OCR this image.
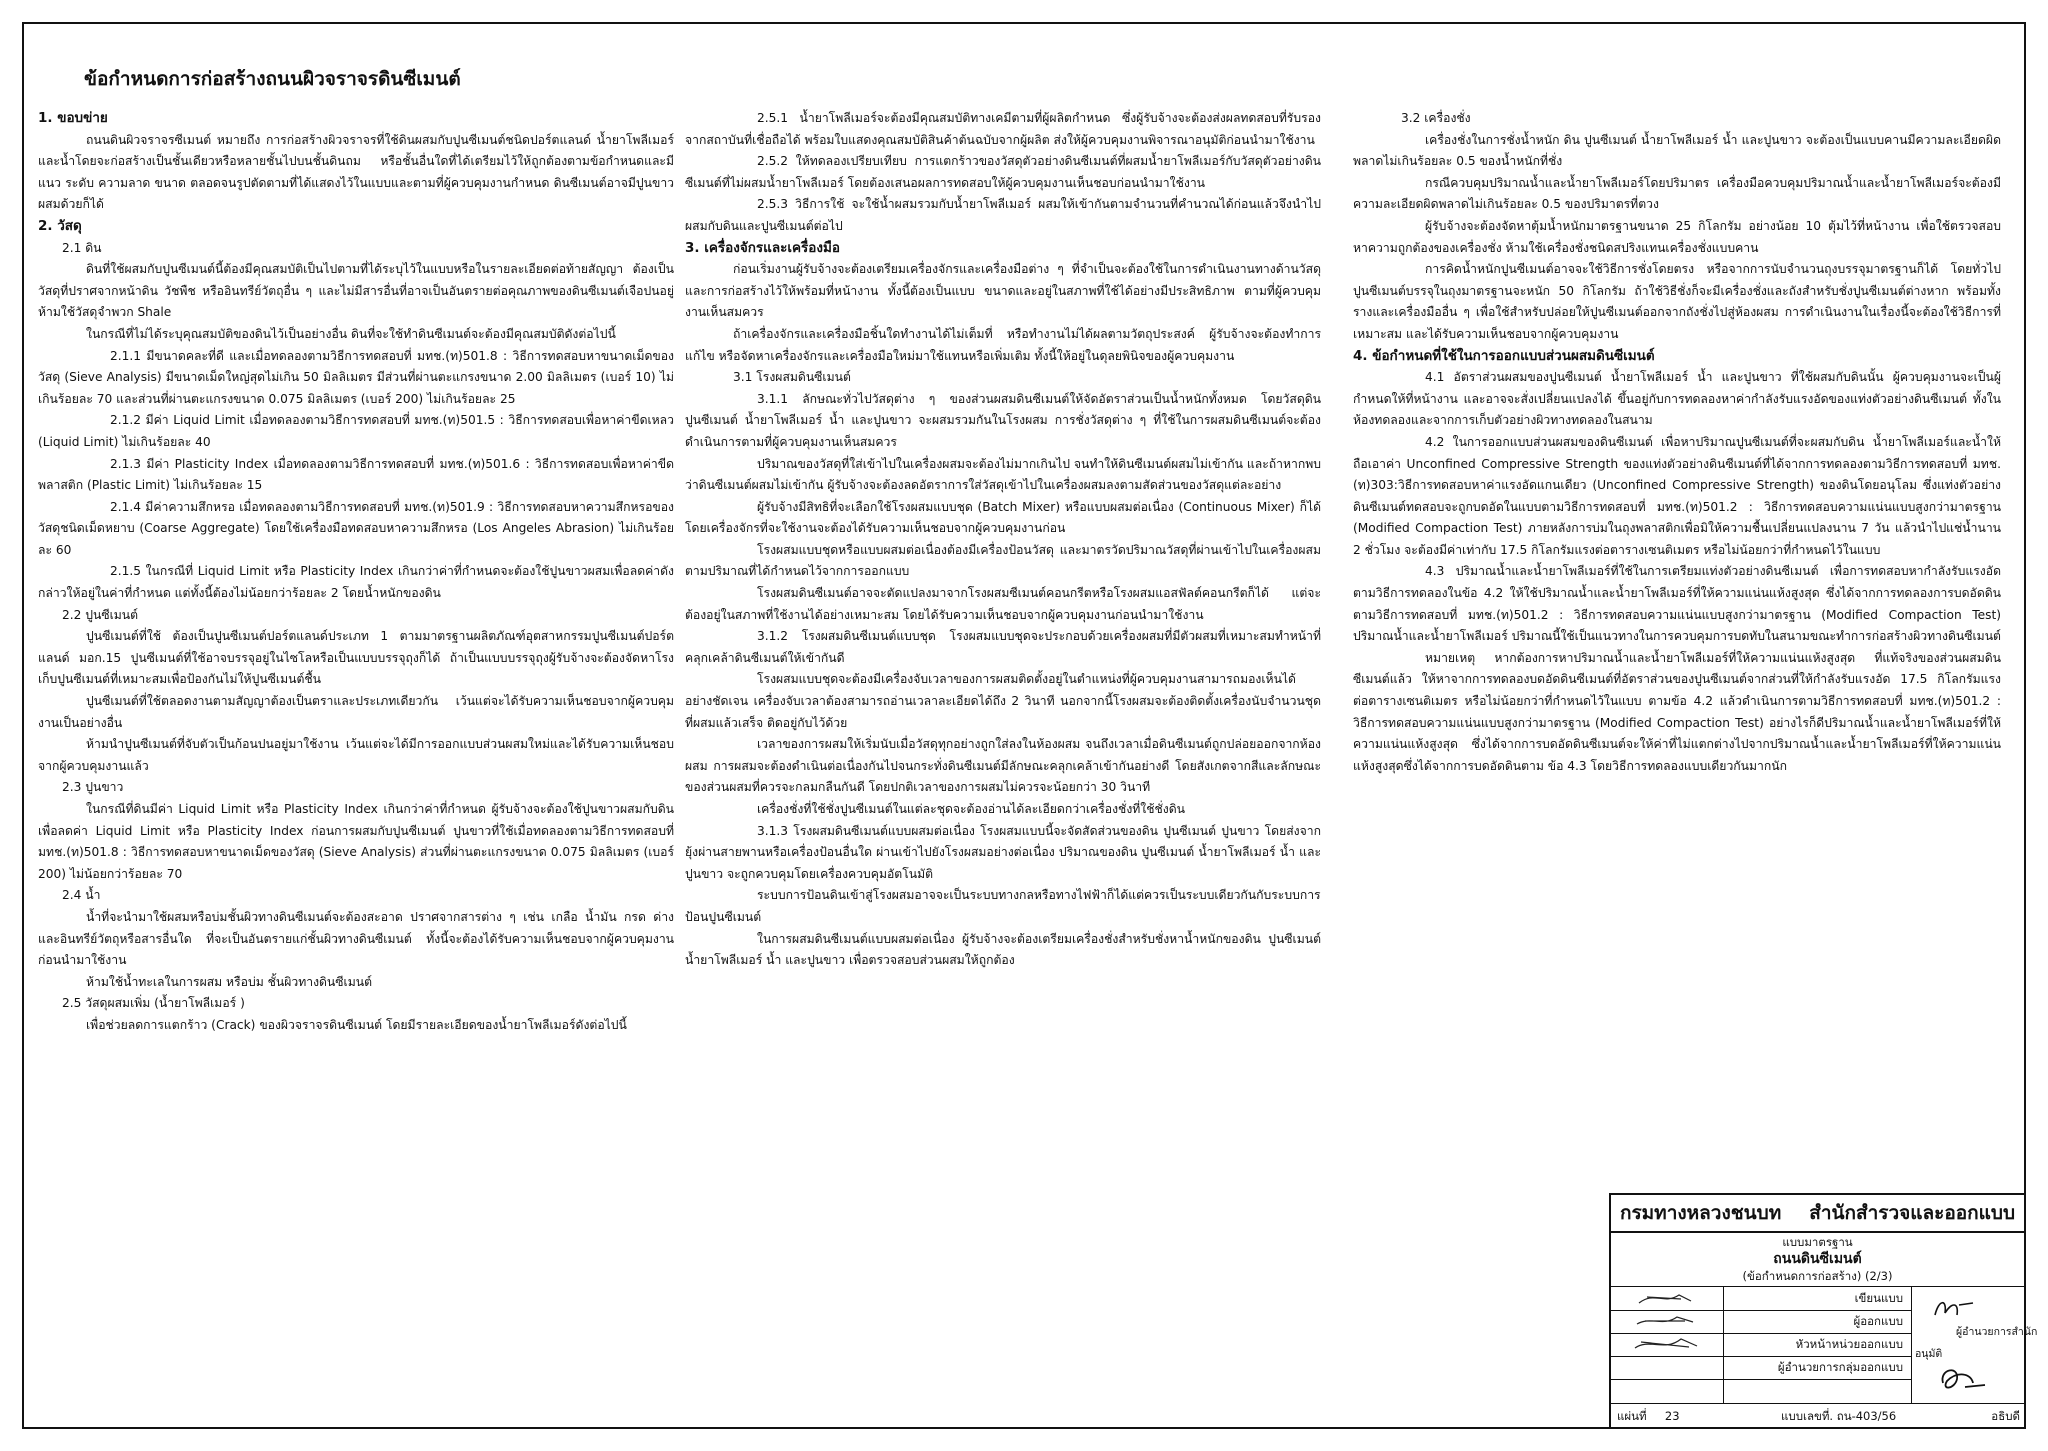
ข้อกำหนดการก่อสร้างถนนผิวจราจรดินซีเมนต์

1. ขอบข่าย

ถนนดินผิวจราจรซีเมนต์ หมายถึง การก่อสร้างผิวจราจรที่ใช้ดินผสมกับปูนซีเมนต์ชนิดปอร์ตแลนด์ น้ำยาโพลีเมอร์และน้ำโดยจะก่อสร้างเป็นชั้นเดียวหรือหลายชั้นไปบนชั้นดินถม หรือชั้นอื่นใดที่ได้เตรียมไว้ให้ถูกต้องตามข้อกำหนดและมีแนว ระดับ ความลาด ขนาด ตลอดจนรูปตัดตามที่ได้แสดงไว้ในแบบและตามที่ผู้ควบคุมงานกำหนด ดินซีเมนต์อาจมีปูนขาวผสมด้วยก็ได้

2. วัสดุ

2.1 ดิน

ดินที่ใช้ผสมกับปูนซีเมนต์นี้ต้องมีคุณสมบัติเป็นไปตามที่ได้ระบุไว้ในแบบหรือในรายละเอียดต่อท้ายสัญญา ต้องเป็นวัสดุที่ปราศจากหน้าดิน วัชพืช หรืออินทรีย์วัตถุอื่น ๆ และไม่มีสารอื่นที่อาจเป็นอันตรายต่อคุณภาพของดินซีเมนต์เจือปนอยู่ ห้ามใช้วัสดุจำพวก Shale

ในกรณีที่ไม่ได้ระบุคุณสมบัติของดินไว้เป็นอย่างอื่น ดินที่จะใช้ทำดินซีเมนต์จะต้องมีคุณสมบัติดังต่อไปนี้

2.1.1 มีขนาดคละที่ดี และเมื่อทดลองตามวิธีการทดสอบที่ มทช.(ท)501.8 : วิธีการทดสอบหาขนาดเม็ดของวัสดุ (Sieve Analysis) มีขนาดเม็ดใหญ่สุดไม่เกิน 50 มิลลิเมตร มีส่วนที่ผ่านตะแกรงขนาด 2.00 มิลลิเมตร (เบอร์ 10) ไม่เกินร้อยละ 70 และส่วนที่ผ่านตะแกรงขนาด 0.075 มิลลิเมตร (เบอร์ 200) ไม่เกินร้อยละ 25

2.1.2 มีค่า Liquid Limit เมื่อทดลองตามวิธีการทดสอบที่ มทช.(ท)501.5 : วิธีการทดสอบเพื่อหาค่าขีดเหลว (Liquid Limit) ไม่เกินร้อยละ 40

2.1.3 มีค่า Plasticity Index เมื่อทดลองตามวิธีการทดสอบที่ มทช.(ท)501.6 : วิธีการทดสอบเพื่อหาค่าขีดพลาสติก (Plastic Limit) ไม่เกินร้อยละ 15

2.1.4 มีค่าความสึกหรอ เมื่อทดลองตามวิธีการทดสอบที่ มทช.(ท)501.9 : วิธีการทดสอบหาความสึกหรอของวัสดุชนิดเม็ดหยาบ (Coarse Aggregate) โดยใช้เครื่องมือทดสอบหาความสึกหรอ (Los Angeles Abrasion) ไม่เกินร้อยละ 60

2.1.5 ในกรณีที่ Liquid Limit หรือ Plasticity Index เกินกว่าค่าที่กำหนดจะต้องใช้ปูนขาวผสมเพื่อลดค่าดังกล่าวให้อยู่ในค่าที่กำหนด แต่ทั้งนี้ต้องไม่น้อยกว่าร้อยละ 2 โดยน้ำหนักของดิน

2.2 ปูนซีเมนต์

ปูนซีเมนต์ที่ใช้ ต้องเป็นปูนซีเมนต์ปอร์ตแลนด์ประเภท 1 ตามมาตรฐานผลิตภัณฑ์อุตสาหกรรมปูนซีเมนต์ปอร์ตแลนด์ มอก.15 ปูนซีเมนต์ที่ใช้อาจบรรจุอยู่ในไซโลหรือเป็นแบบบรรจุถุงก็ได้ ถ้าเป็นแบบบรรจุถุงผู้รับจ้างจะต้องจัดหาโรงเก็บปูนซีเมนต์ที่เหมาะสมเพื่อป้องกันไม่ให้ปูนซีเมนต์ชื้น

ปูนซีเมนต์ที่ใช้ตลอดงานตามสัญญาต้องเป็นตราและประเภทเดียวกัน เว้นแต่จะได้รับความเห็นชอบจากผู้ควบคุมงานเป็นอย่างอื่น

ห้ามนำปูนซีเมนต์ที่จับตัวเป็นก้อนปนอยู่มาใช้งาน เว้นแต่จะได้มีการออกแบบส่วนผสมใหม่และได้รับความเห็นชอบจากผู้ควบคุมงานแล้ว

2.3 ปูนขาว

ในกรณีที่ดินมีค่า Liquid Limit หรือ Plasticity Index เกินกว่าค่าที่กำหนด ผู้รับจ้างจะต้องใช้ปูนขาวผสมกับดิน เพื่อลดค่า Liquid Limit หรือ Plasticity Index ก่อนการผสมกับปูนซีเมนต์ ปูนขาวที่ใช้เมื่อทดลองตามวิธีการทดสอบที่ มทช.(ท)501.8 : วิธีการทดสอบหาขนาดเม็ดของวัสดุ (Sieve Analysis) ส่วนที่ผ่านตะแกรงขนาด 0.075 มิลลิเมตร (เบอร์ 200) ไม่น้อยกว่าร้อยละ 70

2.4 น้ำ

น้ำที่จะนำมาใช้ผสมหรือบ่มชั้นผิวทางดินซีเมนต์จะต้องสะอาด ปราศจากสารต่าง ๆ เช่น เกลือ น้ำมัน กรด ด่าง และอินทรีย์วัตถุหรือสารอื่นใด ที่จะเป็นอันตรายแก่ชั้นผิวทางดินซีเมนต์ ทั้งนี้จะต้องได้รับความเห็นชอบจากผู้ควบคุมงานก่อนนำมาใช้งาน

ห้ามใช้น้ำทะเลในการผสม หรือบ่ม ชั้นผิวทางดินซีเมนต์

2.5 วัสดุผสมเพิ่ม (น้ำยาโพลีเมอร์ )

เพื่อช่วยลดการแตกร้าว (Crack) ของผิวจราจรดินซีเมนต์ โดยมีรายละเอียดของน้ำยาโพลีเมอร์ดังต่อไปนี้

2.5.1 น้ำยาโพลีเมอร์จะต้องมีคุณสมบัติทางเคมีตามที่ผู้ผลิตกำหนด ซึ่งผู้รับจ้างจะต้องส่งผลทดสอบที่รับรองจากสถาบันที่เชื่อถือได้ พร้อมใบแสดงคุณสมบัติสินค้าต้นฉบับจากผู้ผลิต ส่งให้ผู้ควบคุมงานพิจารณาอนุมัติก่อนนำมาใช้งาน

2.5.2 ให้ทดลองเปรียบเทียบ การแตกร้าวของวัสดุตัวอย่างดินซีเมนต์ที่ผสมน้ำยาโพลีเมอร์กับวัสดุตัวอย่างดินซีเมนต์ที่ไม่ผสมน้ำยาโพลีเมอร์ โดยต้องเสนอผลการทดสอบให้ผู้ควบคุมงานเห็นชอบก่อนนำมาใช้งาน

2.5.3 วิธีการใช้ จะใช้น้ำผสมรวมกับน้ำยาโพลีเมอร์ ผสมให้เข้ากันตามจำนวนที่คำนวณได้ก่อนแล้วจึงนำไปผสมกับดินและปูนซีเมนต์ต่อไป

3. เครื่องจักรและเครื่องมือ

ก่อนเริ่มงานผู้รับจ้างจะต้องเตรียมเครื่องจักรและเครื่องมือต่าง ๆ ที่จำเป็นจะต้องใช้ในการดำเนินงานทางด้านวัสดุ และการก่อสร้างไว้ให้พร้อมที่หน้างาน ทั้งนี้ต้องเป็นแบบ ขนาดและอยู่ในสภาพที่ใช้ได้อย่างมีประสิทธิภาพ ตามที่ผู้ควบคุมงานเห็นสมควร

ถ้าเครื่องจักรและเครื่องมือชิ้นใดทำงานได้ไม่เต็มที่ หรือทำงานไม่ได้ผลตามวัตถุประสงค์ ผู้รับจ้างจะต้องทำการแก้ไข หรือจัดหาเครื่องจักรและเครื่องมือใหม่มาใช้แทนหรือเพิ่มเติม ทั้งนี้ให้อยู่ในดุลยพินิจของผู้ควบคุมงาน

3.1 โรงผสมดินซีเมนต์

3.1.1 ลักษณะทั่วไปวัสดุต่าง ๆ ของส่วนผสมดินซีเมนต์ให้จัดอัตราส่วนเป็นน้ำหนักทั้งหมด โดยวัสดุดิน ปูนซีเมนต์ น้ำยาโพลีเมอร์ น้ำ และปูนขาว จะผสมรวมกันในโรงผสม การชั่งวัสดุต่าง ๆ ที่ใช้ในการผสมดินซีเมนต์จะต้องดำเนินการตามที่ผู้ควบคุมงานเห็นสมควร

ปริมาณของวัสดุที่ใส่เข้าไปในเครื่องผสมจะต้องไม่มากเกินไป จนทำให้ดินซีเมนต์ผสมไม่เข้ากัน และถ้าหากพบว่าดินซีเมนต์ผสมไม่เข้ากัน ผู้รับจ้างจะต้องลดอัตราการใส่วัสดุเข้าไปในเครื่องผสมลงตามสัดส่วนของวัสดุแต่ละอย่าง

ผู้รับจ้างมีสิทธิที่จะเลือกใช้โรงผสมแบบชุด (Batch Mixer) หรือแบบผสมต่อเนื่อง (Continuous Mixer) ก็ได้โดยเครื่องจักรที่จะใช้งานจะต้องได้รับความเห็นชอบจากผู้ควบคุมงานก่อน

โรงผสมแบบชุดหรือแบบผสมต่อเนื่องต้องมีเครื่องป้อนวัสดุ และมาตรวัดปริมาณวัสดุที่ผ่านเข้าไปในเครื่องผสมตามปริมาณที่ได้กำหนดไว้จากการออกแบบ

โรงผสมดินซีเมนต์อาจจะตัดแปลงมาจากโรงผสมซีเมนต์คอนกรีตหรือโรงผสมแอสฟัลต์คอนกรีตก็ได้ แต่จะต้องอยู่ในสภาพที่ใช้งานได้อย่างเหมาะสม โดยได้รับความเห็นชอบจากผู้ควบคุมงานก่อนนำมาใช้งาน

3.1.2 โรงผสมดินซีเมนต์แบบชุด โรงผสมแบบชุดจะประกอบด้วยเครื่องผสมที่มีตัวผสมที่เหมาะสมทำหน้าที่คลุกเคล้าดินซีเมนต์ให้เข้ากันดี

โรงผสมแบบชุดจะต้องมีเครื่องจับเวลาของการผสมติดตั้งอยู่ในตำแหน่งที่ผู้ควบคุมงานสามารถมองเห็นได้อย่างชัดเจน เครื่องจับเวลาต้องสามารถอ่านเวลาละเอียดได้ถึง 2 วินาที นอกจากนี้โรงผสมจะต้องติดตั้งเครื่องนับจำนวนชุดที่ผสมแล้วเสร็จ ติดอยู่กับไว้ด้วย

เวลาของการผสมให้เริ่มนับเมื่อวัสดุทุกอย่างถูกใส่ลงในห้องผสม จนถึงเวลาเมื่อดินซีเมนต์ถูกปล่อยออกจากห้องผสม การผสมจะต้องดำเนินต่อเนื่องกันไปจนกระทั่งดินซีเมนต์มีลักษณะคลุกเคล้าเข้ากันอย่างดี โดยสังเกตจากสีและลักษณะของส่วนผสมที่ควรจะกลมกลืนกันดี โดยปกติเวลาของการผสมไม่ควรจะน้อยกว่า 30 วินาที

เครื่องชั่งที่ใช้ชั่งปูนซีเมนต์ในแต่ละชุดจะต้องอ่านได้ละเอียดกว่าเครื่องชั่งที่ใช้ชั่งดิน

3.1.3 โรงผสมดินซีเมนต์แบบผสมต่อเนื่อง โรงผสมแบบนี้จะจัดสัดส่วนของดิน ปูนซีเมนต์ ปูนขาว โดยส่งจากยุ้งผ่านสายพานหรือเครื่องป้อนอื่นใด ผ่านเข้าไปยังโรงผสมอย่างต่อเนื่อง ปริมาณของดิน ปูนซีเมนต์ น้ำยาโพลีเมอร์ น้ำ และปูนขาว จะถูกควบคุมโดยเครื่องควบคุมอัตโนมัติ

ระบบการป้อนดินเข้าสู่โรงผสมอาจจะเป็นระบบทางกลหรือทางไฟฟ้าก็ได้แต่ควรเป็นระบบเดียวกันกับระบบการป้อนปูนซีเมนต์

ในการผสมดินซีเมนต์แบบผสมต่อเนื่อง ผู้รับจ้างจะต้องเตรียมเครื่องชั่งสำหรับชั่งหาน้ำหนักของดิน ปูนซีเมนต์ น้ำยาโพลีเมอร์ น้ำ และปูนขาว เพื่อตรวจสอบส่วนผสมให้ถูกต้อง

3.2 เครื่องชั่ง

เครื่องชั่งในการชั่งน้ำหนัก ดิน ปูนซีเมนต์ น้ำยาโพลีเมอร์ น้ำ และปูนขาว จะต้องเป็นแบบคานมีความละเอียดผิดพลาดไม่เกินร้อยละ 0.5 ของน้ำหนักที่ชั่ง

กรณีควบคุมปริมาณน้ำและน้ำยาโพลีเมอร์โดยปริมาตร เครื่องมือควบคุมปริมาณน้ำและน้ำยาโพลีเมอร์จะต้องมีความละเอียดผิดพลาดไม่เกินร้อยละ 0.5 ของปริมาตรที่ตวง

ผู้รับจ้างจะต้องจัดหาตุ้มน้ำหนักมาตรฐานขนาด 25 กิโลกรัม อย่างน้อย 10 ตุ้มไว้ที่หน้างาน เพื่อใช้ตรวจสอบหาความถูกต้องของเครื่องชั่ง ห้ามใช้เครื่องชั่งชนิดสปริงแทนเครื่องชั่งแบบคาน

การคิดน้ำหนักปูนซีเมนต์อาจจะใช้วิธีการชั่งโดยตรง หรือจากการนับจำนวนถุงบรรจุมาตรฐานก็ได้ โดยทั่วไปปูนซีเมนต์บรรจุในถุงมาตรฐานจะหนัก 50 กิโลกรัม ถ้าใช้วิธีชั่งก็จะมีเครื่องชั่งและถังสำหรับชั่งปูนซีเมนต์ต่างหาก พร้อมทั้งรางและเครื่องมืออื่น ๆ เพื่อใช้สำหรับปล่อยให้ปูนซีเมนต์ออกจากถังชั่งไปสู่ห้องผสม การดำเนินงานในเรื่องนี้จะต้องใช้วิธีการที่เหมาะสม และได้รับความเห็นชอบจากผู้ควบคุมงาน

4. ข้อกำหนดที่ใช้ในการออกแบบส่วนผสมดินซีเมนต์

4.1 อัตราส่วนผสมของปูนซีเมนต์ น้ำยาโพลีเมอร์ น้ำ และปูนขาว ที่ใช้ผสมกับดินนั้น ผู้ควบคุมงานจะเป็นผู้กำหนดให้ที่หน้างาน และอาจจะสั่งเปลี่ยนแปลงได้ ขึ้นอยู่กับการทดลองหาค่ากำลังรับแรงอัดของแท่งตัวอย่างดินซีเมนต์ ทั้งในห้องทดลองและจากการเก็บตัวอย่างผิวทางทดลองในสนาม

4.2 ในการออกแบบส่วนผสมของดินซีเมนต์ เพื่อหาปริมาณปูนซีเมนต์ที่จะผสมกับดิน น้ำยาโพลีเมอร์และน้ำให้ถือเอาค่า Unconfined Compressive Strength ของแท่งตัวอย่างดินซีเมนต์ที่ได้จากการทดลองตามวิธีการทดสอบที่ มทช.(ท)303:วิธีการทดสอบหาค่าแรงอัดแกนเดียว (Unconfined Compressive Strength) ของดินโดยอนุโลม ซึ่งแท่งตัวอย่างดินซีเมนต์ทดสอบจะถูกบดอัดในแบบตามวิธีการทดสอบที่ มทช.(ท)501.2 : วิธีการทดสอบความแน่นแบบสูงกว่ามาตรฐาน (Modified Compaction Test) ภายหลังการบ่มในถุงพลาสติกเพื่อมิให้ความชื้นเปลี่ยนแปลงนาน 7 วัน แล้วนำไปแช่น้ำนาน 2 ชั่วโมง จะต้องมีค่าเท่ากับ 17.5 กิโลกรัมแรงต่อตารางเซนติเมตร หรือไม่น้อยกว่าที่กำหนดไว้ในแบบ

4.3 ปริมาณน้ำและน้ำยาโพลีเมอร์ที่ใช้ในการเตรียมแท่งตัวอย่างดินซีเมนต์ เพื่อการทดสอบหากำลังรับแรงอัดตามวิธีการทดลองในข้อ 4.2 ให้ใช้ปริมาณน้ำและน้ำยาโพลีเมอร์ที่ให้ความแน่นแห้งสูงสุด ซึ่งได้จากการทดลองการบดอัดดิน ตามวิธีการทดสอบที่ มทช.(ท)501.2 : วิธีการทดสอบความแน่นแบบสูงกว่ามาตรฐาน (Modified Compaction Test) ปริมาณน้ำและน้ำยาโพลีเมอร์ ปริมาณนี้ใช้เป็นแนวทางในการควบคุมการบดทับในสนามขณะทำการก่อสร้างผิวทางดินซีเมนต์

หมายเหตุ หากต้องการหาปริมาณน้ำและน้ำยาโพลีเมอร์ที่ให้ความแน่นแห้งสูงสุด ที่แท้จริงของส่วนผสมดินซีเมนต์แล้ว ให้หาจากการทดลองบดอัดดินซีเมนต์ที่อัตราส่วนของปูนซีเมนต์จากส่วนที่ให้กำลังรับแรงอัด 17.5 กิโลกรัมแรงต่อตารางเซนติเมตร หรือไม่น้อยกว่าที่กำหนดไว้ในแบบ ตามข้อ 4.2 แล้วดำเนินการตามวิธีการทดสอบที่ มทช.(ท)501.2 : วิธีการทดสอบความแน่นแบบสูงกว่ามาตรฐาน (Modified Compaction Test) อย่างไรก็ดีปริมาณน้ำและน้ำยาโพลีเมอร์ที่ให้ความแน่นแห้งสูงสุด ซึ่งได้จากการบดอัดดินซีเมนต์จะให้ค่าที่ไม่แตกต่างไปจากปริมาณน้ำและน้ำยาโพลีเมอร์ที่ให้ความแน่นแห้งสูงสุดซึ่งได้จากการบดอัดดินตาม ข้อ 4.3 โดยวิธีการทดลองแบบเดียวกันมากนัก

กรมทางหลวงชนบท สำนักสำรวจและออกแบบ
แบบมาตรฐาน
ถนนดินซีเมนต์
(ข้อกำหนดการก่อสร้าง) (2/3)
เขียนแบบ
ผู้ออกแบบ
หัวหน้าหน่วยออกแบบ
ผู้อำนวยการกลุ่มออกแบบ
ผู้อำนวยการสำนัก
อนุมัติ
แผ่นที่ 23	แบบเลขที่. ถน-403/56	อธิบดี
